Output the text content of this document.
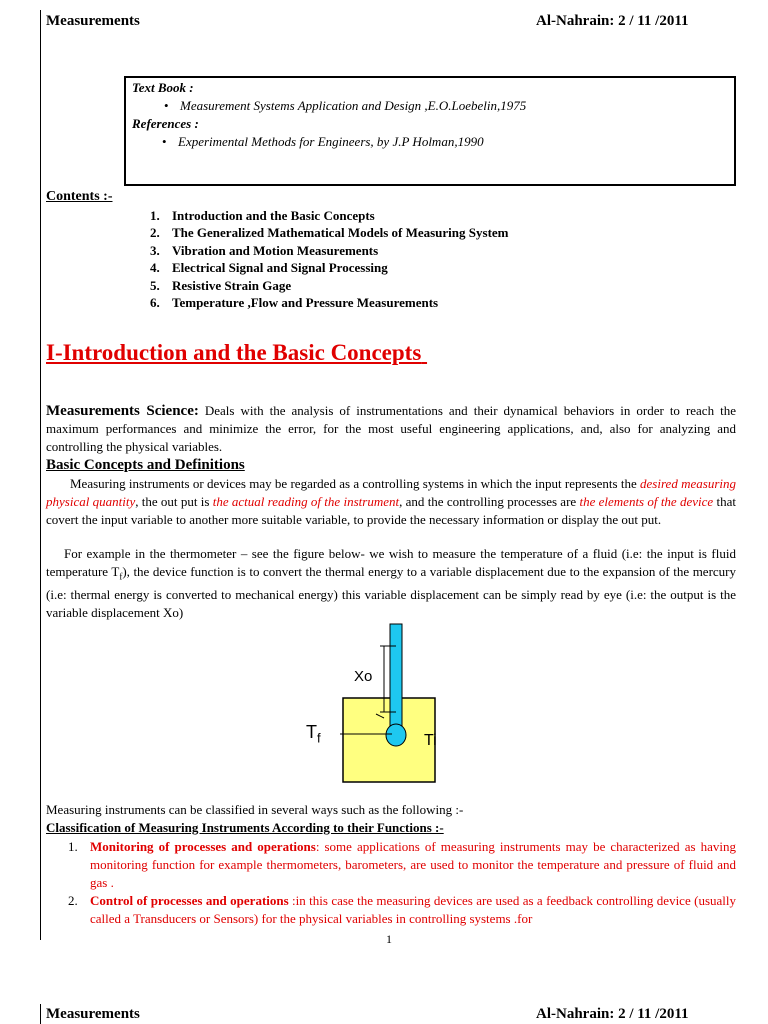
Measurements	Al-Nahrain: 2 / 11 /2011
Text Book :
• Measurement Systems Application and Design ,E.O.Loebelin,1975
References :
• Experimental Methods for Engineers, by J.P Holman,1990
Contents :-
1. Introduction and the Basic Concepts
2. The Generalized Mathematical Models of Measuring System
3. Vibration and Motion Measurements
4. Electrical Signal and Signal Processing
5. Resistive Strain Gage
6. Temperature ,Flow and Pressure Measurements
I-Introduction and the Basic Concepts
Measurements Science: Deals with the analysis of instrumentations and their dynamical behaviors in order to reach the maximum performances and minimize the error, for the most useful engineering applications, and, also for analyzing and controlling the physical variables.
Basic Concepts and Definitions
Measuring instruments or devices may be regarded as a controlling systems in which the input represents the desired measuring physical quantity, the out put is the actual reading of the instrument, and the controlling processes are the elements of the device that covert the input variable to another more suitable variable, to provide the necessary information or display the out put.
For example in the thermometer – see the figure below- we wish to measure the temperature of a fluid (i.e: the input is fluid temperature $T_f$), the device function is to convert the thermal energy to a variable displacement due to the expansion of the mercury (i.e: thermal energy is converted to mechanical energy) this variable displacement can be simply read by eye (i.e: the output is the variable displacement Xo)
Xo
$T_f$	Ti
Measuring instruments can be classified in several ways such as the following :-
Classification of Measuring Instruments According to their Functions :-
1. Monitoring of processes and operations: some applications of measuring instruments may be characterized as having monitoring function for example thermometers, barometers, are used to monitor the temperature and pressure of fluid and gas .
2. Control of processes and operations :in this case the measuring devices are used as a feedback controlling device (usually called a Transducers or Sensors) for the physical variables in controlling systems .for
1
Measurements	Al-Nahrain: 2 / 11 /2011
